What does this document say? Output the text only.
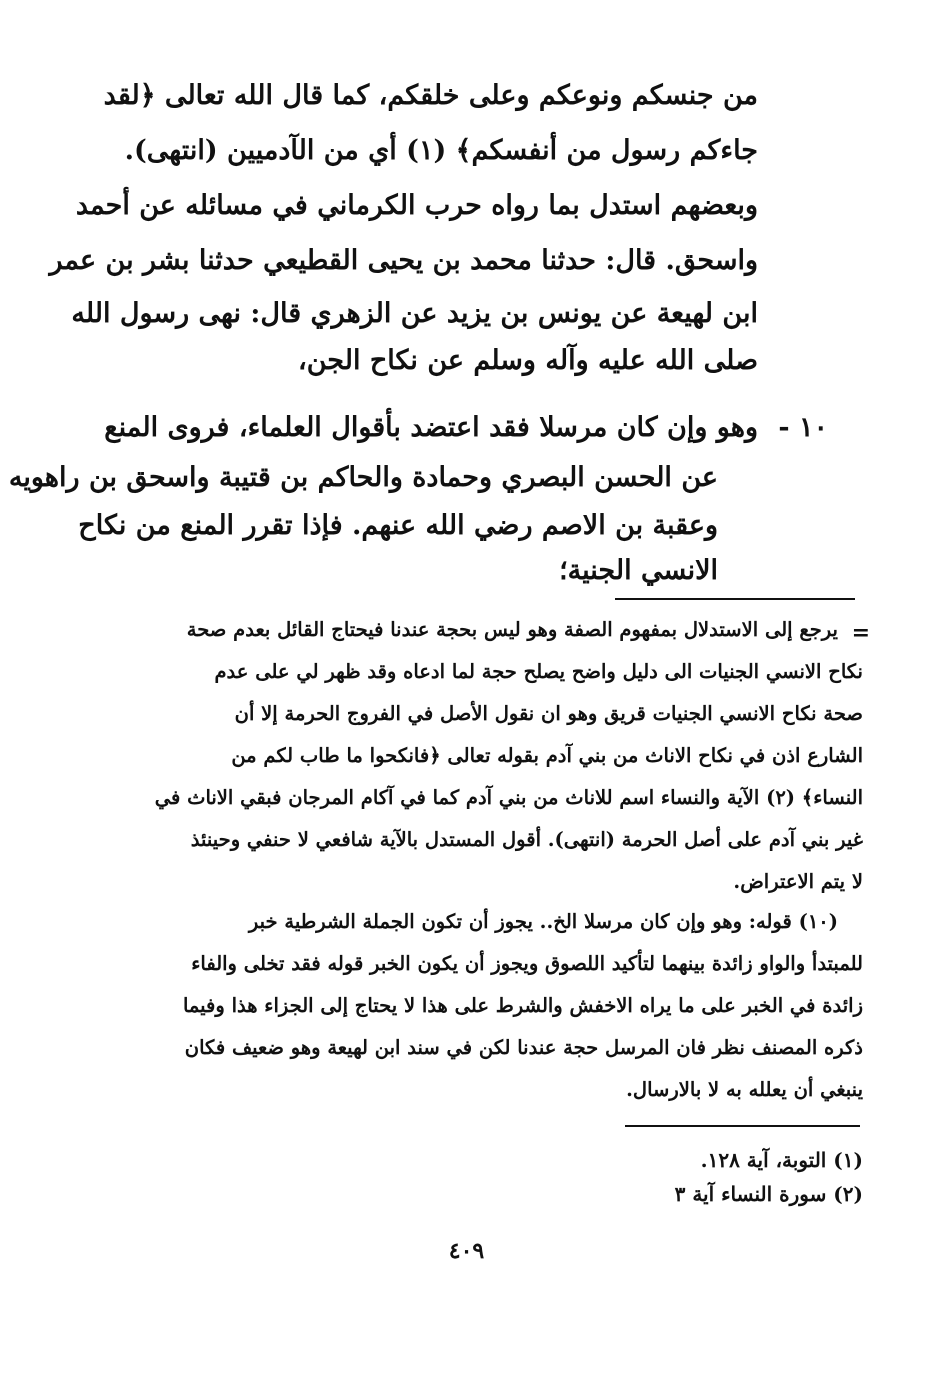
من جنسكم ونوعكم وعلى خلقكم، كما قال الله تعالى ﴿لقد
جاءكم رسول من أنفسكم﴾ (١) أي من الآدميين (انتهى).
وبعضهم استدل بما رواه حرب الكرماني في مسائله عن أحمد
واسحق. قال: حدثنا محمد بن يحيى القطيعي حدثنا بشر بن عمر
ابن لهيعة عن يونس بن يزيد عن الزهري قال: نهى رسول الله
صلى الله عليه وآله وسلم عن نكاح الجن،
١٠ -
وهو وإن كان مرسلا فقد اعتضد بأقوال العلماء، فروى المنع
عن الحسن البصري وحمادة والحاكم بن قتيبة واسحق بن راهويه
وعقبة بن الاصم رضي الله عنهم. فإذا تقرر المنع من نكاح
الانسي الجنية؛
=
يرجع إلى الاستدلال بمفهوم الصفة وهو ليس بحجة عندنا فيحتاج القائل بعدم صحة
نكاح الانسي الجنيات الى دليل واضح يصلح حجة لما ادعاه وقد ظهر لي على عدم
صحة نكاح الانسي الجنيات قريق وهو ان نقول الأصل في الفروج الحرمة إلا أن
الشارع اذن في نكاح الاناث من بني آدم بقوله تعالى ﴿فانكحوا ما طاب لكم من
النساء﴾ (٢) الآية والنساء اسم للاناث من بني آدم كما في آكام المرجان فبقي الاناث في
غير بني آدم على أصل الحرمة (انتهى). أقول المستدل بالآية شافعي لا حنفي وحينئذ
لا يتم الاعتراض.
(١٠) قوله: وهو وإن كان مرسلا الخ.. يجوز أن تكون الجملة الشرطية خبر
للمبتدأ والواو زائدة بينهما لتأكيد اللصوق ويجوز أن يكون الخبر قوله فقد تخلى والفاء
زائدة في الخبر على ما يراه الاخفش والشرط على هذا لا يحتاج إلى الجزاء هذا وفيما
ذكره المصنف نظر فان المرسل حجة عندنا لكن في سند ابن لهيعة وهو ضعيف فكان
ينبغي أن يعلله به لا بالارسال.
(١) التوبة، آية ١٢٨.
(٢) سورة النساء آية ٣
٤٠٩
